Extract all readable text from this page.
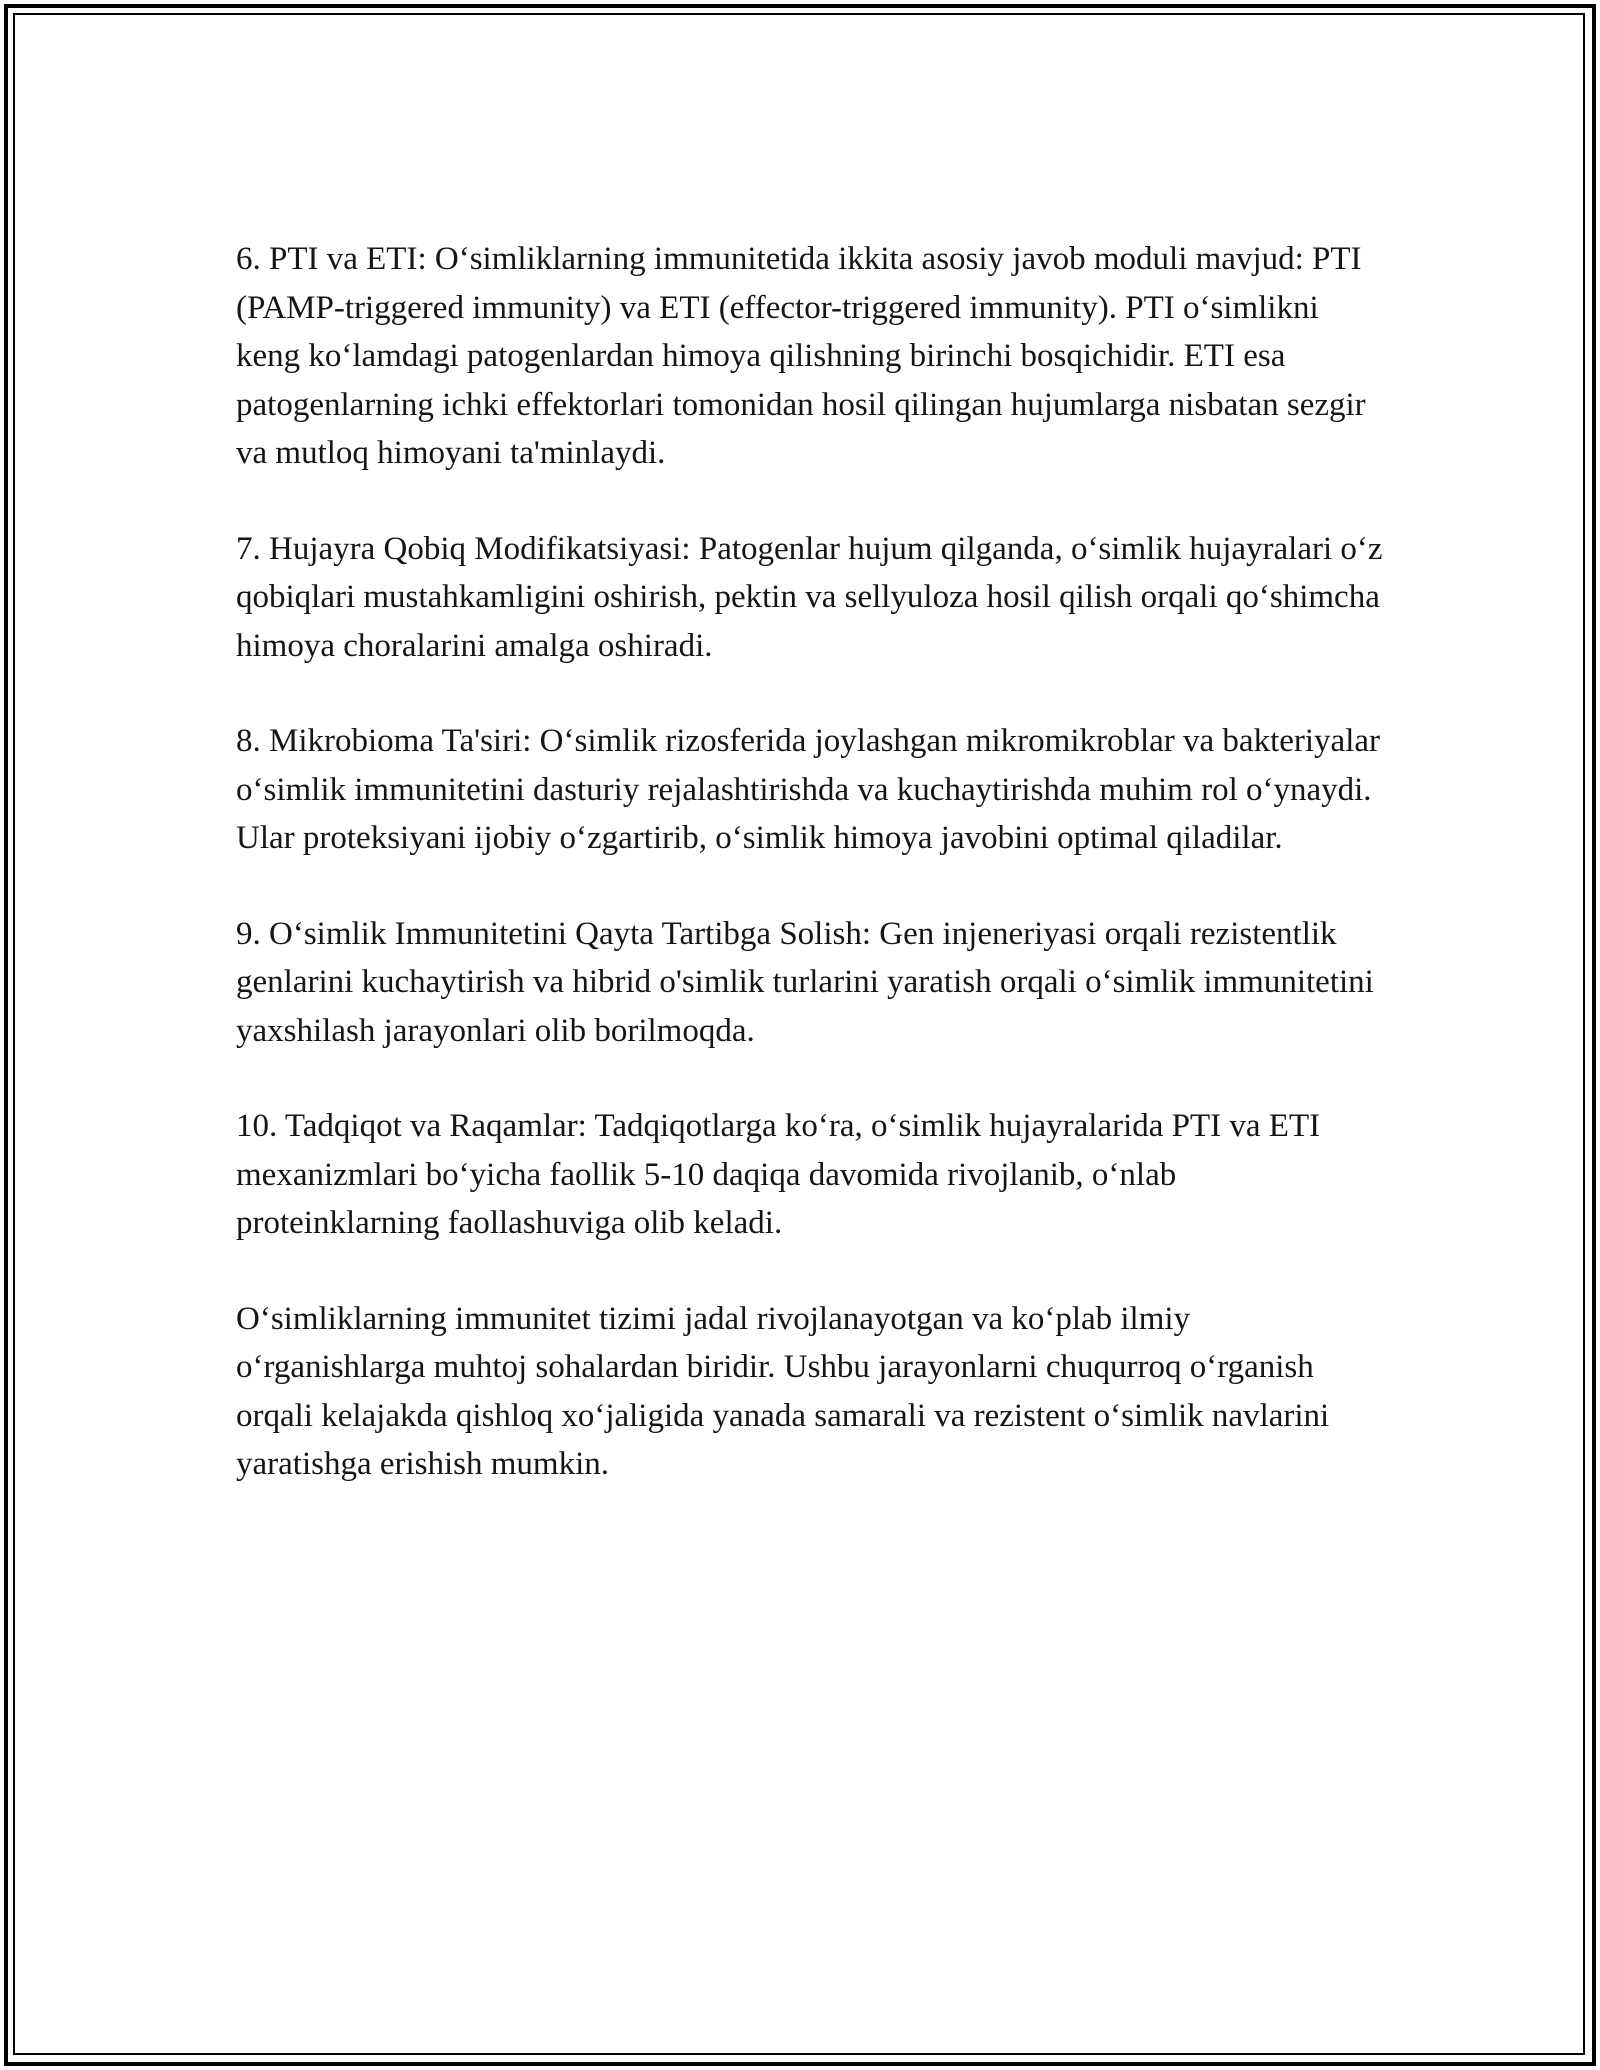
6. PTI va ETI: O‘simliklarning immunitetida ikkita asosiy javob moduli mavjud: PTI (PAMP-triggered immunity) va ETI (effector-triggered immunity). PTI o‘simlikni keng ko‘lamdagi patogenlardan himoya qilishning birinchi bosqichidir. ETI esa patogenlarning ichki effektorlari tomonidan hosil qilingan hujumlarga nisbatan sezgir va mutloq himoyani ta'minlaydi.

7. Hujayra Qobiq Modifikatsiyasi: Patogenlar hujum qilganda, o‘simlik hujayralari o‘z qobiqlari mustahkamligini oshirish, pektin va sellyuloza hosil qilish orqali qo‘shimcha himoya choralarini amalga oshiradi.

8. Mikrobioma Ta'siri: O‘simlik rizosferida joylashgan mikromikroblar va bakteriyalar o‘simlik immunitetini dasturiy rejalashtirishda va kuchaytirishda muhim rol o‘ynaydi. Ular proteksiyani ijobiy o‘zgartirib, o‘simlik himoya javobini optimal qiladilar.

9. O‘simlik Immunitetini Qayta Tartibga Solish: Gen injeneriyasi orqali rezistentlik genlarini kuchaytirish va hibrid o'simlik turlarini yaratish orqali o‘simlik immunitetini yaxshilash jarayonlari olib borilmoqda.

10. Tadqiqot va Raqamlar: Tadqiqotlarga ko‘ra, o‘simlik hujayralarida PTI va ETI mexanizmlari bo‘yicha faollik 5-10 daqiqa davomida rivojlanib, o‘nlab proteinklarning faollashuviga olib keladi.

O‘simliklarning immunitet tizimi jadal rivojlanayotgan va ko‘plab ilmiy o‘rganishlarga muhtoj sohalardan biridir. Ushbu jarayonlarni chuqurroq o‘rganish orqali kelajakda qishloq xo‘jaligida yanada samarali va rezistent o‘simlik navlarini yaratishga erishish mumkin.
